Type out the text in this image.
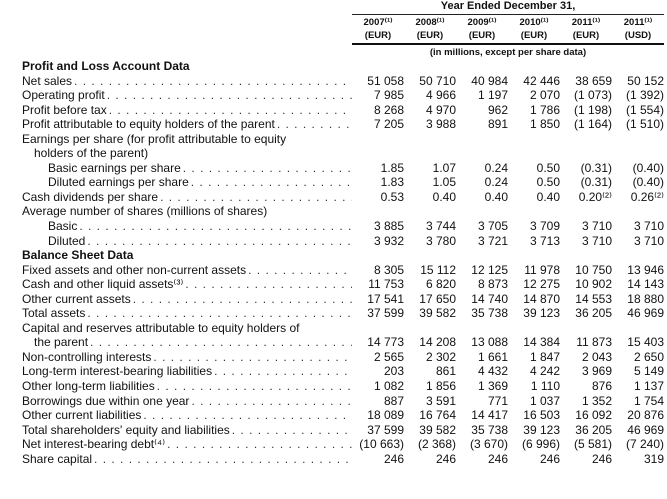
Year Ended December 31,
2007⁽¹⁾	2008⁽¹⁾	2009⁽¹⁾	2010⁽¹⁾	2011⁽¹⁾	2011⁽¹⁾
(EUR)	(EUR)	(EUR)	(EUR)	(EUR)	(USD)
(in millions, except per share data)
Profit and Loss Account Data
Net sales . . .	51 058	50 710	40 984	42 446	38 659	50 152
Operating profit . . .	7 985	4 966	1 197	2 070	(1 073)	(1 392)
Profit before tax . . .	8 268	4 970	962	1 786	(1 198)	(1 554)
Profit attributable to equity holders of the parent . . .	7 205	3 988	891	1 850	(1 164)	(1 510)
Earnings per share (for profit attributable to equity
holders of the parent)
Basic earnings per share . . .	1.85	1.07	0.24	0.50	(0.31)	(0.40)
Diluted earnings per share . . .	1.83	1.05	0.24	0.50	(0.31)	(0.40)
Cash dividends per share . . .	0.53	0.40	0.40	0.40	0.20⁽²⁾	0.26⁽²⁾
Average number of shares (millions of shares)
Basic . . .	3 885	3 744	3 705	3 709	3 710	3 710
Diluted . . .	3 932	3 780	3 721	3 713	3 710	3 710
Balance Sheet Data
Fixed assets and other non-current assets . . .	8 305	15 112	12 125	11 978	10 750	13 946
Cash and other liquid assets⁽³⁾ . . .	11 753	6 820	8 873	12 275	10 902	14 143
Other current assets . . .	17 541	17 650	14 740	14 870	14 553	18 880
Total assets . . .	37 599	39 582	35 738	39 123	36 205	46 969
Capital and reserves attributable to equity holders of
the parent . . .	14 773	14 208	13 088	14 384	11 873	15 403
Non-controlling interests . . .	2 565	2 302	1 661	1 847	2 043	2 650
Long-term interest-bearing liabilities . . .	203	861	4 432	4 242	3 969	5 149
Other long-term liabilities . . .	1 082	1 856	1 369	1 110	876	1 137
Borrowings due within one year . . .	887	3 591	771	1 037	1 352	1 754
Other current liabilities . . .	18 089	16 764	14 417	16 503	16 092	20 876
Total shareholders' equity and liabilities . . .	37 599	39 582	35 738	39 123	36 205	46 969
Net interest-bearing debt⁽⁴⁾ . . .	(10 663)	(2 368)	(3 670)	(6 996)	(5 581)	(7 240)
Share capital . . .	246	246	246	246	246	319
